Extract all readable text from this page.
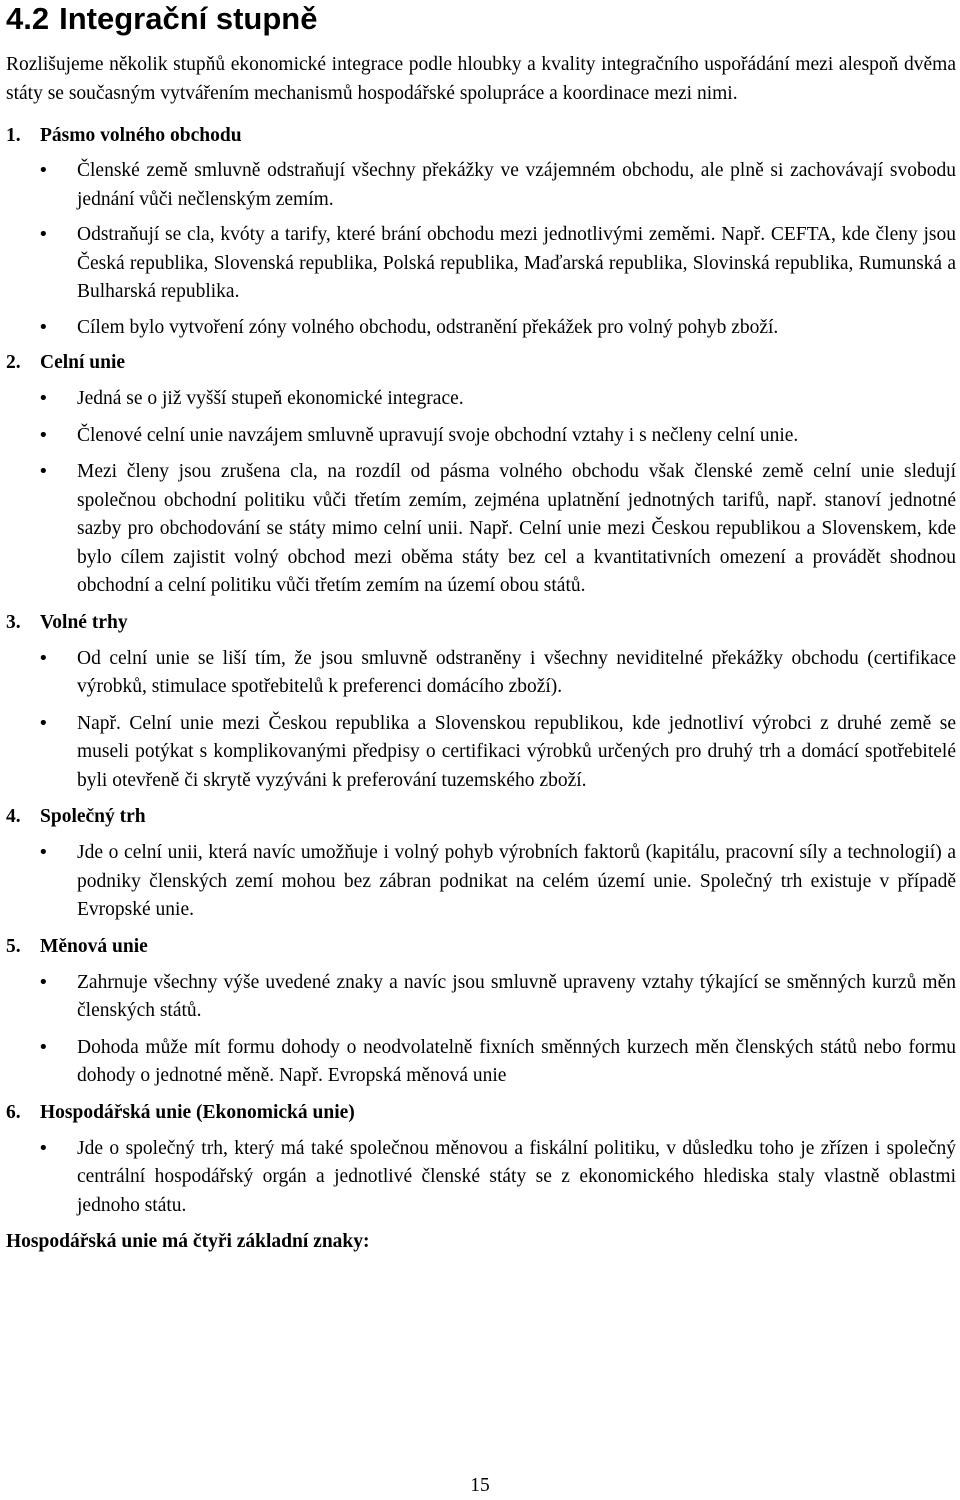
4.2 Integrační stupně

Rozlišujeme několik stupňů ekonomické integrace podle hloubky a kvality integračního uspořádání mezi alespoň dvěma státy se současným vytvářením mechanismů hospodářské spolupráce a koordinace mezi nimi.

1. Pásmo volného obchodu
•	Členské země smluvně odstraňují všechny překážky ve vzájemném obchodu, ale plně si zachovávají svobodu jednání vůči nečlenským zemím.
•	Odstraňují se cla, kvóty a tarify, které brání obchodu mezi jednotlivými zeměmi. Např. CEFTA, kde členy jsou Česká republika, Slovenská republika, Polská republika, Maďarská republika, Slovinská republika, Rumunská a Bulharská republika.
•	Cílem bylo vytvoření zóny volného obchodu, odstranění překážek pro volný pohyb zboží.
2. Celní unie
•	Jedná se o již vyšší stupeň ekonomické integrace.
•	Členové celní unie navzájem smluvně upravují svoje obchodní vztahy i s nečleny celní unie.
•	Mezi členy jsou zrušena cla, na rozdíl od pásma volného obchodu však členské země celní unie sledují společnou obchodní politiku vůči třetím zemím, zejména uplatnění jednotných tarifů, např. stanoví jednotné sazby pro obchodování se státy mimo celní unii. Např. Celní unie mezi Českou republikou a Slovenskem, kde bylo cílem zajistit volný obchod mezi oběma státy bez cel a kvantitativních omezení a provádět shodnou obchodní a celní politiku vůči třetím zemím na území obou států.
3. Volné trhy
•	Od celní unie se liší tím, že jsou smluvně odstraněny i všechny neviditelné překážky obchodu (certifikace výrobků, stimulace spotřebitelů k preferenci domácího zboží).
•	Např. Celní unie mezi Českou republika a Slovenskou republikou, kde jednotliví výrobci z druhé země se museli potýkat s komplikovanými předpisy o certifikaci výrobků určených pro druhý trh a domácí spotřebitelé byli otevřeně či skrytě vyzýváni k preferování tuzemského zboží.
4. Společný trh
•	Jde o celní unii, která navíc umožňuje i volný pohyb výrobních faktorů (kapitálu, pracovní síly a technologií) a podniky členských zemí mohou bez zábran podnikat na celém území unie. Společný trh existuje v případě Evropské unie.
5. Měnová unie
•	Zahrnuje všechny výše uvedené znaky a navíc jsou smluvně upraveny vztahy týkající se směnných kurzů měn členských států.
•	Dohoda může mít formu dohody o neodvolatelně fixních směnných kurzech měn členských států nebo formu dohody o jednotné měně. Např. Evropská měnová unie
6. Hospodářská unie (Ekonomická unie)
•	Jde o společný trh, který má také společnou měnovou a fiskální politiku, v důsledku toho je zřízen i společný centrální hospodářský orgán a jednotlivé členské státy se z ekonomického hlediska staly vlastně oblastmi jednoho státu.
Hospodářská unie má čtyři základní znaky:
15
